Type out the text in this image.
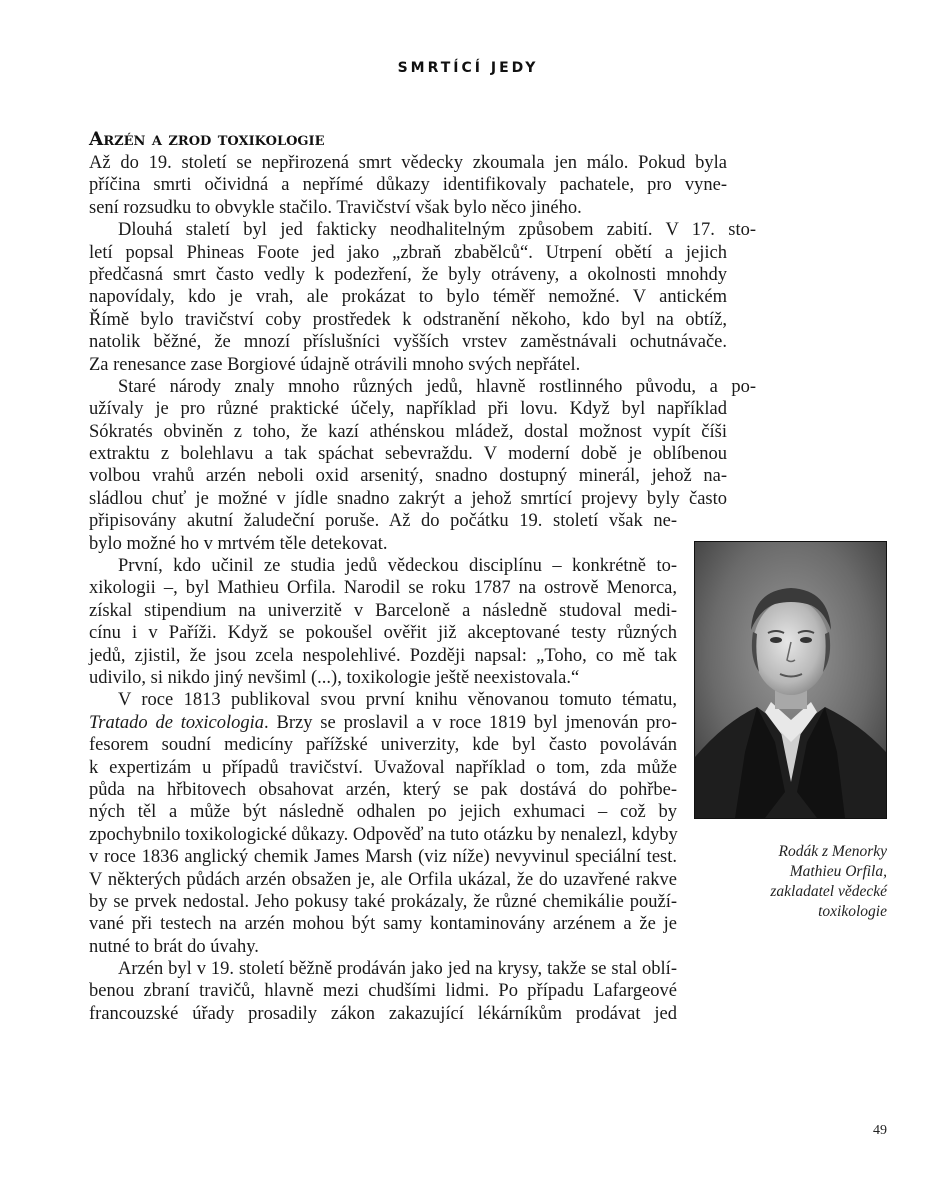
SMRTÍCÍ JEDY
Arzén a zrod toxikologie
Až do 19. století se nepřirozená smrt vědecky zkoumala jen málo. Pokud byla
příčina smrti očividná a nepřímé důkazy identifikovaly pachatele, pro vyne-
sení rozsudku to obvykle stačilo. Travičství však bylo něco jiného.
Dlouhá staletí byl jed fakticky neodhalitelným způsobem zabití. V 17. sto-
letí popsal Phineas Foote jed jako „zbraň zbabělců“. Utrpení obětí a jejich
předčasná smrt často vedly k podezření, že byly otráveny, a okolnosti mnohdy
napovídaly, kdo je vrah, ale prokázat to bylo téměř nemožné. V antickém
Římě bylo travičství coby prostředek k odstranění někoho, kdo byl na obtíž,
natolik běžné, že mnozí příslušníci vyšších vrstev zaměstnávali ochutnávače.
Za renesance zase Borgiové údajně otrávili mnoho svých nepřátel.
Staré národy znaly mnoho různých jedů, hlavně rostlinného původu, a po-
užívaly je pro různé praktické účely, například při lovu. Když byl například
Sókratés obviněn z toho, že kazí athénskou mládež, dostal možnost vypít číši
extraktu z bolehlavu a tak spáchat sebevraždu. V moderní době je oblíbenou
volbou vrahů arzén neboli oxid arsenitý, snadno dostupný minerál, jehož na-
sládlou chuť je možné v jídle snadno zakrýt a jehož smrtící projevy byly často
připisovány akutní žaludeční poruše. Až do počátku 19. století však ne-
bylo možné ho v mrtvém těle detekovat.
První, kdo učinil ze studia jedů vědeckou disciplínu – konkrétně to-
xikologii –, byl Mathieu Orfila. Narodil se roku 1787 na ostrově Menorca,
získal stipendium na univerzitě v Barceloně a následně studoval medi-
cínu i v Paříži. Když se pokoušel ověřit již akceptované testy různých
jedů, zjistil, že jsou zcela nespolehlivé. Později napsal: „Toho, co mě tak
udivilo, si nikdo jiný nevšiml (...), toxikologie ještě neexistovala.“
V roce 1813 publikoval svou první knihu věnovanou tomuto tématu,
Tratado de toxicologia. Brzy se proslavil a v roce 1819 byl jmenován pro-
fesorem soudní medicíny pařížské univerzity, kde byl často povoláván
k expertizám u případů travičství. Uvažoval například o tom, zda může
půda na hřbitovech obsahovat arzén, který se pak dostává do pohřbe-
ných těl a může být následně odhalen po jejich exhumaci – což by
zpochybnilo toxikologické důkazy. Odpověď na tuto otázku by nenalezl, kdyby
v roce 1836 anglický chemik James Marsh (viz níže) nevyvinul speciální test.
V některých půdách arzén obsažen je, ale Orfila ukázal, že do uzavřené rakve
by se prvek nedostal. Jeho pokusy také prokázaly, že různé chemikálie použí-
vané při testech na arzén mohou být samy kontaminovány arzénem a že je
nutné to brát do úvahy.
Arzén byl v 19. století běžně prodáván jako jed na krysy, takže se stal oblí-
benou zbraní travičů, hlavně mezi chudšími lidmi. Po případu Lafargeové
francouzské úřady prosadily zákon zakazující lékárníkům prodávat jed
Rodák z Menorky
Mathieu Orfila,
zakladatel vědecké
toxikologie
49
